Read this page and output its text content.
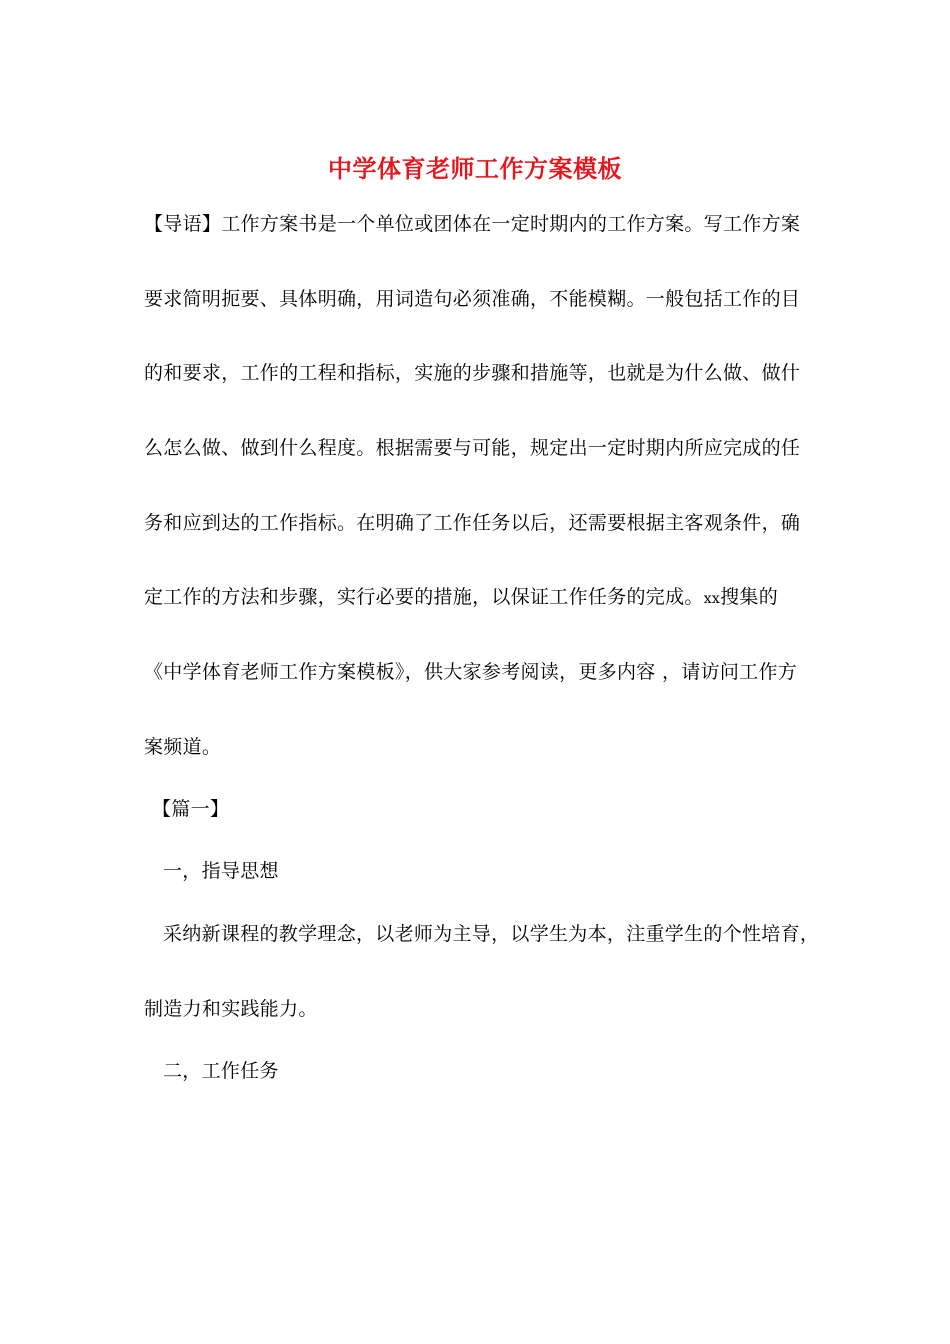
中学体育老师工作方案模板
【导语】工作方案书是一个单位或团体在一定时期内的工作方案。写工作方案
要求简明扼要、具体明确，用词造句必须准确，不能模糊。一般包括工作的目
的和要求，工作的工程和指标，实施的步骤和措施等，也就是为什么做、做什
么怎么做、做到什么程度。根据需要与可能，规定出一定时期内所应完成的任
务和应到达的工作指标。在明确了工作任务以后，还需要根据主客观条件，确
定工作的方法和步骤，实行必要的措施，以保证工作任务的完成。xx搜集的
《中学体育老师工作方案模板》，供大家参考阅读，更多内容 ，请访问工作方
案频道。
【篇一】
一，指导思想
采纳新课程的教学理念，以老师为主导，以学生为本，注重学生的个性培育，
制造力和实践能力。
二，工作任务
